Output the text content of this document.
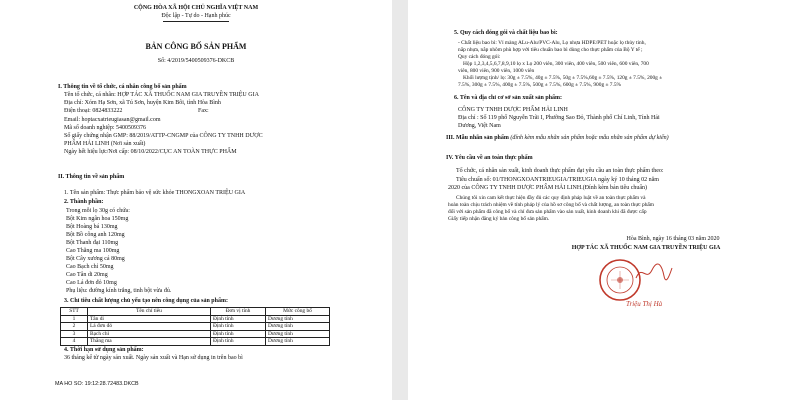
CỘNG HÒA XÃ HỘI CHỦ NGHĨA VIỆT NAM
Độc lập - Tự do - Hạnh phúc
BẢN CÔNG BỐ SẢN PHẨM
Số: 4/2019/5400509376-DKCB
I. Thông tin về tổ chức, cá nhân công bố sản phẩm
Tên tổ chức, cá nhân: HỢP TÁC XÃ THUỐC NAM GIA TRUYỀN TRIỆU GIA
Địa chỉ: Xóm Hạ Sơn, xã Tú Sơn, huyện Kim Bôi, tỉnh Hòa Bình
Điện thoại: 0824833222	Fax:
Email: hoptacxatrieugiasan@gmail.com
Mã số doanh nghiệp: 5400509376
Số giấy chứng nhận GMP: 88/2019/ATTP-CNGMP của CÔNG TY TNHH DƯỢC
PHẨM HẢI LINH (Nơi sản xuất)
Ngày hết hiệu lực/Nơi cấp: 08/10/2022/CỤC AN TOÀN THỰC PHẨM
II. Thông tin về sản phẩm
1. Tên sản phẩm: Thực phẩm bảo vệ sức khỏe THONGXOAN TRIỆU GIA
2. Thành phần:
Trong mỗi lọ 30g có chứa:
Bột Kim ngân hoa 150mg
Bột Hoàng bá 130mg
Bột Bồ công anh 120mg
Bột Thanh đại 110mg
Cao Thăng ma 100mg
Bột Cây xương cá 80mg
Cao Bạch chỉ 50mg
Cao Tân di 20mg
Cao Lá đơn đỏ 10mg
Phụ liệu: đường kính trắng, tinh bột vừa đủ.
3. Chỉ tiêu chất lượng chủ yếu tạo nên công dụng của sản phẩm:
STT	Tên chỉ tiêu	Đơn vị tính	Mức công bố
1	Tân di	Định tính	Dương tính
2	Lá đơn đỏ	Định tính	Dương tính
3	Bạch chỉ	Định tính	Dương tính
4	Thăng ma	Định tính	Dương tính
4. Thời hạn sử dụng sản phẩm:
36 tháng kể từ ngày sản xuất. Ngày sản xuất và Hạn sử dụng in trên bao bì
MA HO SO: 19:12:28.72483.DKCB
5. Quy cách đóng gói và chất liệu bao bì:
- Chất liệu bao bì: Vỉ màng ALu-Alu/PVC-Alu, Lọ nhựa HDPE/PET hoặc lọ thủy tinh,
nắp nhựa, nắp nhôm phù hợp với tiêu chuẩn bao bì dùng cho thực phẩm của Bộ Y tế ;
Quy cách đóng gói:
Hộp 1,2,3,4,5,6,7,8,9,10 lọ x Lọ 200 viên, 300 viên, 400 viên, 500 viên, 600 viên, 700
viên, 800 viên, 900 viên, 1000 viên
Khối lượng tịnh/ lọ: 30g ± 7.5%, 40g ± 7.5%, 50g ± 7.5%,60g ± 7.5%, 120g ± 7.5%, 200g ±
7.5%, 300g ± 7.5%, 400g ± 7.5%, 500g ± 7.5%, 600g ± 7.5%, 900g ± 7.5%
6. Tên và địa chỉ cơ sở sản xuất sản phẩm:
CÔNG TY TNHH DƯỢC PHẨM HẢI LINH
Địa chỉ : Số 119 phố Nguyễn Trãi I, Phường Sao Đỏ, Thành phố Chí Linh, Tỉnh Hải
Dương, Việt Nam
III. Mẫu nhãn sản phẩm (đính kèm mẫu nhãn sản phẩm hoặc mẫu nhãn sản phẩm dự kiến)
IV. Yêu cầu về an toàn thực phẩm
Tổ chức, cá nhân sản xuất, kinh doanh thực phẩm đạt yêu cầu an toàn thực phẩm theo:
Tiêu chuẩn số: 01/THONGXOANTRIEUGIA/TRIEUGIA ngày ký 10 tháng 02 năm
2020 của CÔNG TY TNHH DƯỢC PHẨM HẢI LINH.(Đính kèm bản tiêu chuẩn)
Chúng tôi xin cam kết thực hiện đầy đủ các quy định pháp luật về an toàn thực phẩm và
hoàn toàn chịu trách nhiệm về tính pháp lý của hồ sơ công bố và chất lượng, an toàn thực phẩm
đối với sản phẩm đã công bố và chỉ đưa sản phẩm vào sản xuất, kinh doanh khi đã được cấp
Giấy tiếp nhận đăng ký bản công bố sản phẩm.
Hòa Bình, ngày 16 tháng 03 năm 2020
HỢP TÁC XÃ THUỐC NAM GIA TRUYỀN TRIỆU GIA
Triệu Thị Hà
